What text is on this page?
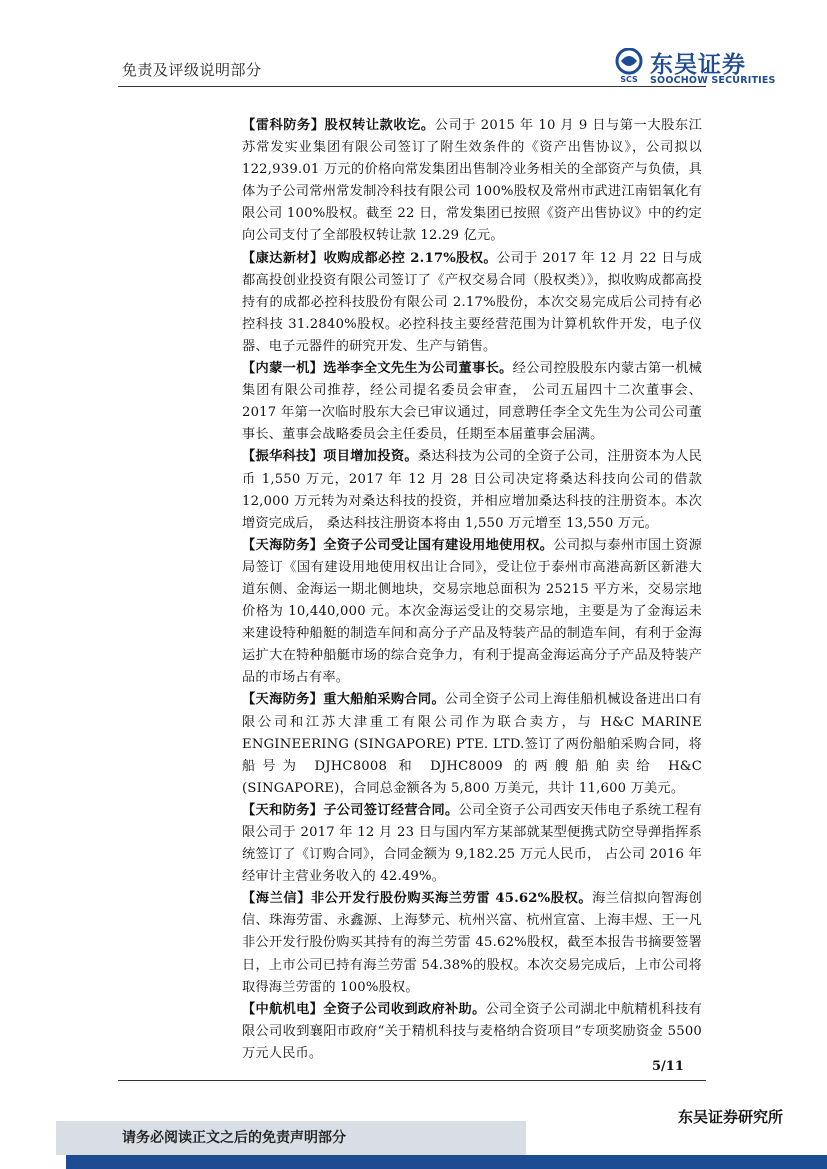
免责及评级说明部分
SCS
东吴证券
SOOCHOW SECURITIES

【雷科防务】股权转让款收讫。公司于 2015 年 10 月 9 日与第一大股东江苏常发实业集团有限公司签订了附生效条件的《资产出售协议》，公司拟以 122,939.01 万元的价格向常发集团出售制冷业务相关的全部资产与负债，具体为子公司常州常发制冷科技有限公司 100%股权及常州市武进江南铝氧化有限公司 100%股权。截至 22 日，常发集团已按照《资产出售协议》中的约定向公司支付了全部股权转让款 12.29 亿元。

【康达新材】收购成都必控 2.17%股权。公司于 2017 年 12 月 22 日与成都高投创业投资有限公司签订了《产权交易合同（股权类）》，拟收购成都高投持有的成都必控科技股份有限公司 2.17%股份，本次交易完成后公司持有必控科技 31.2840%股权。必控科技主要经营范围为计算机软件开发，电子仪器、电子元器件的研究开发、生产与销售。

【内蒙一机】选举李全文先生为公司董事长。经公司控股股东内蒙古第一机械集团有限公司推荐，经公司提名委员会审查， 公司五届四十二次董事会、2017 年第一次临时股东大会已审议通过，同意聘任李全文先生为公司公司董事长、董事会战略委员会主任委员，任期至本届董事会届满。

【振华科技】项目增加投资。桑达科技为公司的全资子公司，注册资本为人民币 1,550 万元，2017 年 12 月 28 日公司决定将桑达科技向公司的借款 12,000 万元转为对桑达科技的投资，并相应增加桑达科技的注册资本。本次增资完成后， 桑达科技注册资本将由 1,550 万元增至 13,550 万元。

【天海防务】全资子公司受让国有建设用地使用权。公司拟与泰州市国土资源局签订《国有建设用地使用权出让合同》，受让位于泰州市高港高新区新港大道东侧、金海运一期北侧地块，交易宗地总面积为 25215 平方米，交易宗地价格为 10,440,000 元。本次金海运受让的交易宗地，主要是为了金海运未来建设特种船艇的制造车间和高分子产品及特装产品的制造车间，有利于金海运扩大在特种船艇市场的综合竞争力，有利于提高金海运高分子产品及特装产品的市场占有率。

【天海防务】重大船舶采购合同。公司全资子公司上海佳船机械设备进出口有限公司和江苏大津重工有限公司作为联合卖方，与 H&C MARINE ENGINEERING (SINGAPORE) PTE. LTD.签订了两份船舶采购合同，将船号为 DJHC8008 和 DJHC8009 的两艘船舶卖给 H&C (SINGAPORE)，合同总金额各为 5,800 万美元，共计 11,600 万美元。

【天和防务】子公司签订经营合同。公司全资子公司西安天伟电子系统工程有限公司于 2017 年 12 月 23 日与国内军方某部就某型便携式防空导弹指挥系统签订了《订购合同》，合同金额为 9,182.25 万元人民币， 占公司 2016 年经审计主营业务收入的 42.49%。

【海兰信】非公开发行股份购买海兰劳雷 45.62%股权。海兰信拟向智海创信、珠海劳雷、永鑫源、上海梦元、杭州兴富、杭州宣富、上海丰煜、王一凡非公开发行股份购买其持有的海兰劳雷 45.62%股权，截至本报告书摘要签署日，上市公司已持有海兰劳雷 54.38%的股权。本次交易完成后，上市公司将取得海兰劳雷的 100%股权。

【中航机电】全资子公司收到政府补助。公司全资子公司湖北中航精机科技有限公司收到襄阳市政府“关于精机科技与麦格纳合资项目”专项奖励资金 5500 万元人民币。

5/11
东吴证券研究所
请务必阅读正文之后的免责声明部分
